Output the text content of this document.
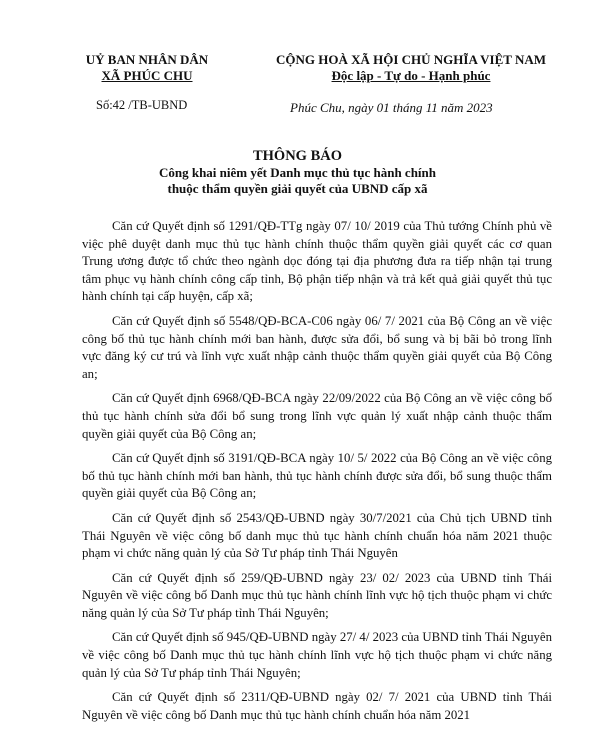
UỶ BAN NHÂN DÂN
XÃ PHÚC CHU
Số:42 /TB-UBND
CỘNG HOÀ XÃ HỘI CHỦ NGHĨA VIỆT NAM
Độc lập - Tự do - Hạnh phúc
Phúc Chu, ngày 01 tháng 11 năm 2023
THÔNG BÁO
Công khai niêm yết Danh mục thủ tục hành chính
thuộc thẩm quyền giải quyết của UBND cấp xã

Căn cứ Quyết định số 1291/QĐ-TTg ngày 07/ 10/ 2019 của Thủ tướng Chính phủ về việc phê duyệt danh mục thủ tục hành chính thuộc thẩm quyền giải quyết các cơ quan Trung ương được tổ chức theo ngành dọc đóng tại địa phương đưa ra tiếp nhận tại trung tâm phục vụ hành chính công cấp tỉnh, Bộ phận tiếp nhận và trả kết quả giải quyết thủ tục hành chính tại cấp huyện, cấp xã;

Căn cứ Quyết định số 5548/QĐ-BCA-C06 ngày 06/ 7/ 2021 của Bộ Công an về việc công bố thủ tục hành chính mới ban hành, được sửa đổi, bổ sung và bị bãi bỏ trong lĩnh vực đăng ký cư trú và lĩnh vực xuất nhập cảnh thuộc thẩm quyền giải quyết của Bộ Công an;

Căn cứ Quyết định 6968/QĐ-BCA ngày 22/09/2022 của Bộ Công an về việc công bố thủ tục hành chính sửa đổi bổ sung trong lĩnh vực quản lý xuất nhập cảnh thuộc thẩm quyền giải quyết của Bộ Công an;

Căn cứ Quyết định số 3191/QĐ-BCA ngày 10/ 5/ 2022 của Bộ Công an về việc công bố thủ tục hành chính mới ban hành, thủ tục hành chính được sửa đổi, bổ sung thuộc thẩm quyền giải quyết của Bộ Công an;

Căn cứ Quyết định số 2543/QĐ-UBND ngày 30/7/2021 của Chủ tịch UBND tỉnh Thái Nguyên về việc công bố danh mục thủ tục hành chính chuẩn hóa năm 2021 thuộc phạm vi chức năng quản lý của Sở Tư pháp tỉnh Thái Nguyên

Căn cứ Quyết định số 259/QĐ-UBND ngày 23/ 02/ 2023 của UBND tỉnh Thái Nguyên về việc công bố Danh mục thủ tục hành chính lĩnh vực hộ tịch thuộc phạm vi chức năng quản lý của Sở Tư pháp tỉnh Thái Nguyên;

Căn cứ Quyết định số 945/QĐ-UBND ngày 27/ 4/ 2023 của UBND tỉnh Thái Nguyên về việc công bố Danh mục thủ tục hành chính lĩnh vực hộ tịch thuộc phạm vi chức năng quản lý của Sở Tư pháp tỉnh Thái Nguyên;

Căn cứ Quyết định số 2311/QĐ-UBND ngày 02/ 7/ 2021 của UBND tỉnh Thái Nguyên về việc công bố Danh mục thủ tục hành chính chuẩn hóa năm 2021
